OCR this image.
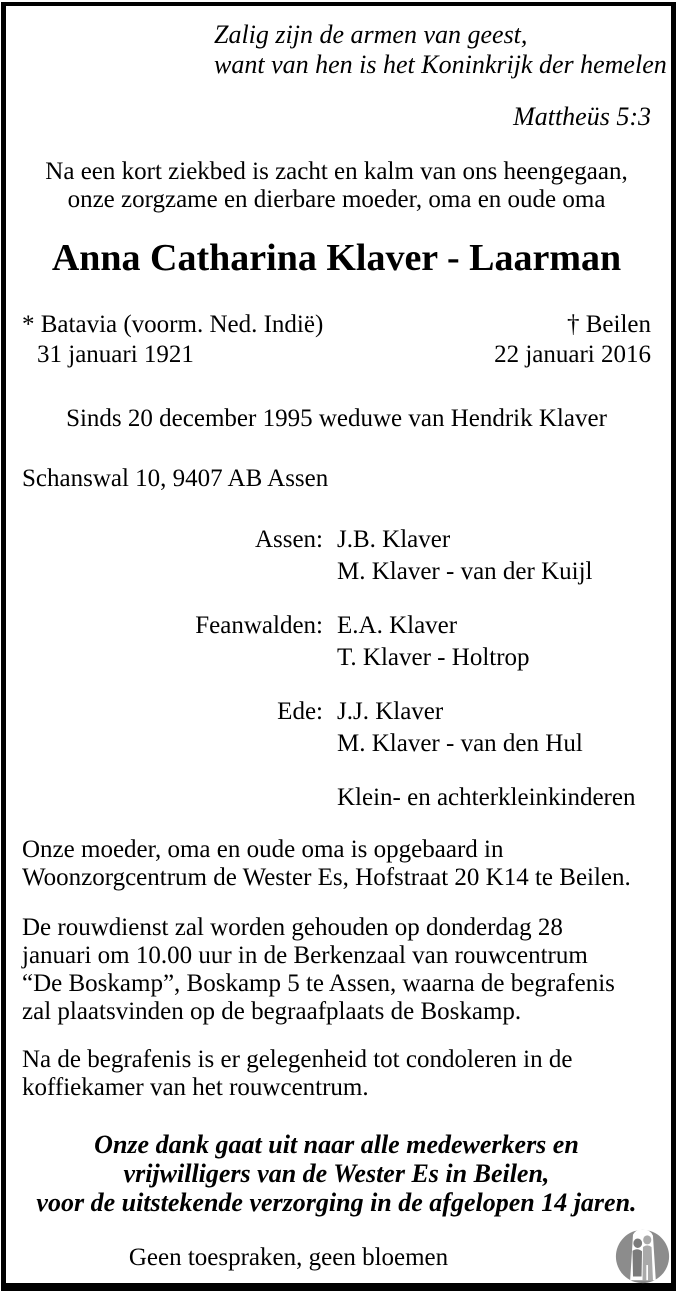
Zalig zijn de armen van geest,
want van hen is het Koninkrijk der hemelen
Mattheüs 5:3
Na een kort ziekbed is zacht en kalm van ons heengegaan,
onze zorgzame en dierbare moeder, oma en oude oma
Anna Catharina Klaver - Laarman
* Batavia (voorm. Ned. Indië)
31 januari 1921
† Beilen
22 januari 2016
Sinds 20 december 1995 weduwe van Hendrik Klaver
Schanswal 10, 9407 AB Assen
Assen: J.B. Klaver
M. Klaver - van der Kuijl
Feanwalden: E.A. Klaver
T. Klaver - Holtrop
Ede: J.J. Klaver
M. Klaver - van den Hul
Klein- en achterkleinkinderen
Onze moeder, oma en oude oma is opgebaard in
Woonzorgcentrum de Wester Es, Hofstraat 20 K14 te Beilen.
De rouwdienst zal worden gehouden op donderdag 28
januari om 10.00 uur in de Berkenzaal van rouwcentrum
“De Boskamp”, Boskamp 5 te Assen, waarna de begrafenis
zal plaatsvinden op de begraafplaats de Boskamp.
Na de begrafenis is er gelegenheid tot condoleren in de
koffiekamer van het rouwcentrum.
Onze dank gaat uit naar alle medewerkers en
vrijwilligers van de Wester Es in Beilen,
voor de uitstekende verzorging in de afgelopen 14 jaren.
Geen toespraken, geen bloemen
